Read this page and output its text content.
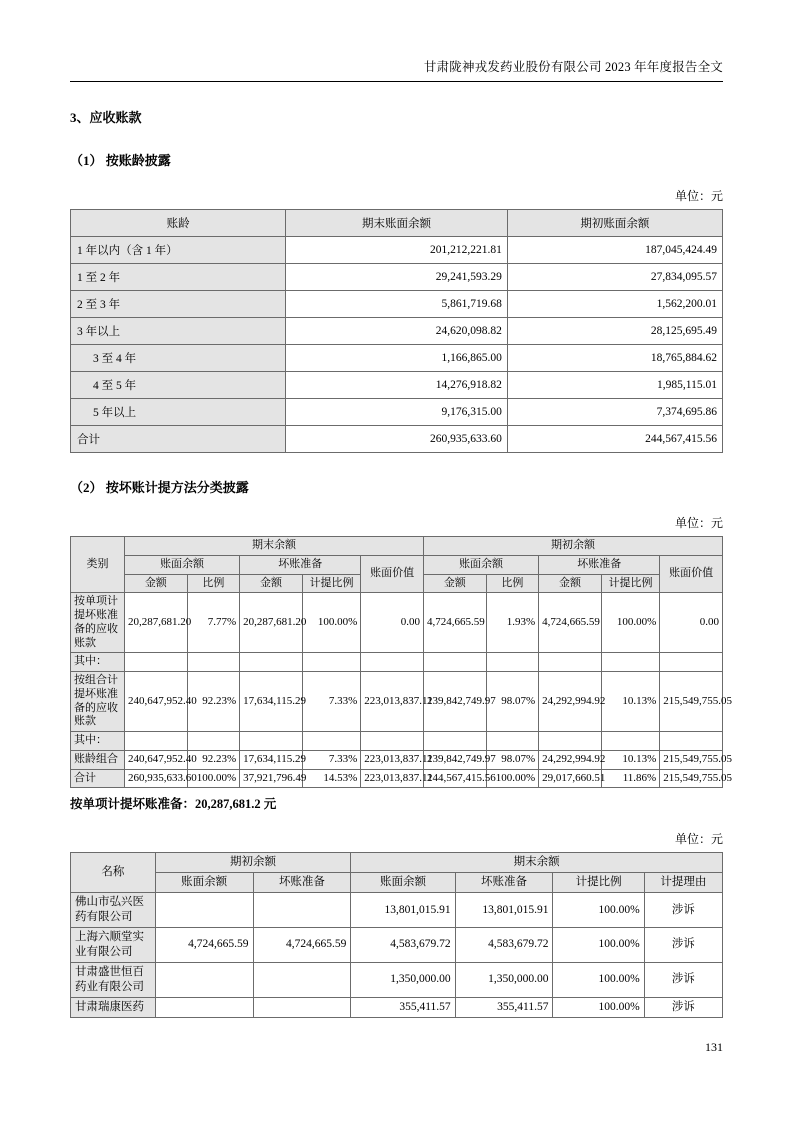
甘肃陇神戎发药业股份有限公司 2023 年年度报告全文
3、应收账款
（1） 按账龄披露
单位：元
账龄	期末账面余额	期初账面余额
1 年以内（含 1 年）	201,212,221.81	187,045,424.49
1 至 2 年	29,241,593.29	27,834,095.57
2 至 3 年	5,861,719.68	1,562,200.01
3 年以上	24,620,098.82	28,125,695.49
3 至 4 年	1,166,865.00	18,765,884.62
4 至 5 年	14,276,918.82	1,985,115.01
5 年以上	9,176,315.00	7,374,695.86
合计	260,935,633.60	244,567,415.56
（2） 按坏账计提方法分类披露
单位：元
类别	期末余额					期初余额				
	账面余额		坏账准备		账面价值	账面余额		坏账准备		账面价值
	金额	比例	金额	计提比例		金额	比例	金额	计提比例	
按单项计提坏账准备的应收账款	20,287,681.20	7.77%	20,287,681.20	100.00%	0.00	4,724,665.59	1.93%	4,724,665.59	100.00%	0.00
其中：										
按组合计提坏账准备的应收账款	240,647,952.40	92.23%	17,634,115.29	7.33%	223,013,837.11	239,842,749.97	98.07%	24,292,994.92	10.13%	215,549,755.05
其中：										
账龄组合	240,647,952.40	92.23%	17,634,115.29	7.33%	223,013,837.11	239,842,749.97	98.07%	24,292,994.92	10.13%	215,549,755.05
合计	260,935,633.60	100.00%	37,921,796.49	14.53%	223,013,837.11	244,567,415.56	100.00%	29,017,660.51	11.86%	215,549,755.05
按单项计提坏账准备：20,287,681.2 元
单位：元
名称	期初余额		期末余额			
	账面余额	坏账准备	账面余额	坏账准备	计提比例	计提理由
佛山市弘兴医药有限公司			13,801,015.91	13,801,015.91	100.00%	涉诉
上海六顺堂实业有限公司	4,724,665.59	4,724,665.59	4,583,679.72	4,583,679.72	100.00%	涉诉
甘肃盛世恒百药业有限公司			1,350,000.00	1,350,000.00	100.00%	涉诉
甘肃瑞康医药			355,411.57	355,411.57	100.00%	涉诉
131
